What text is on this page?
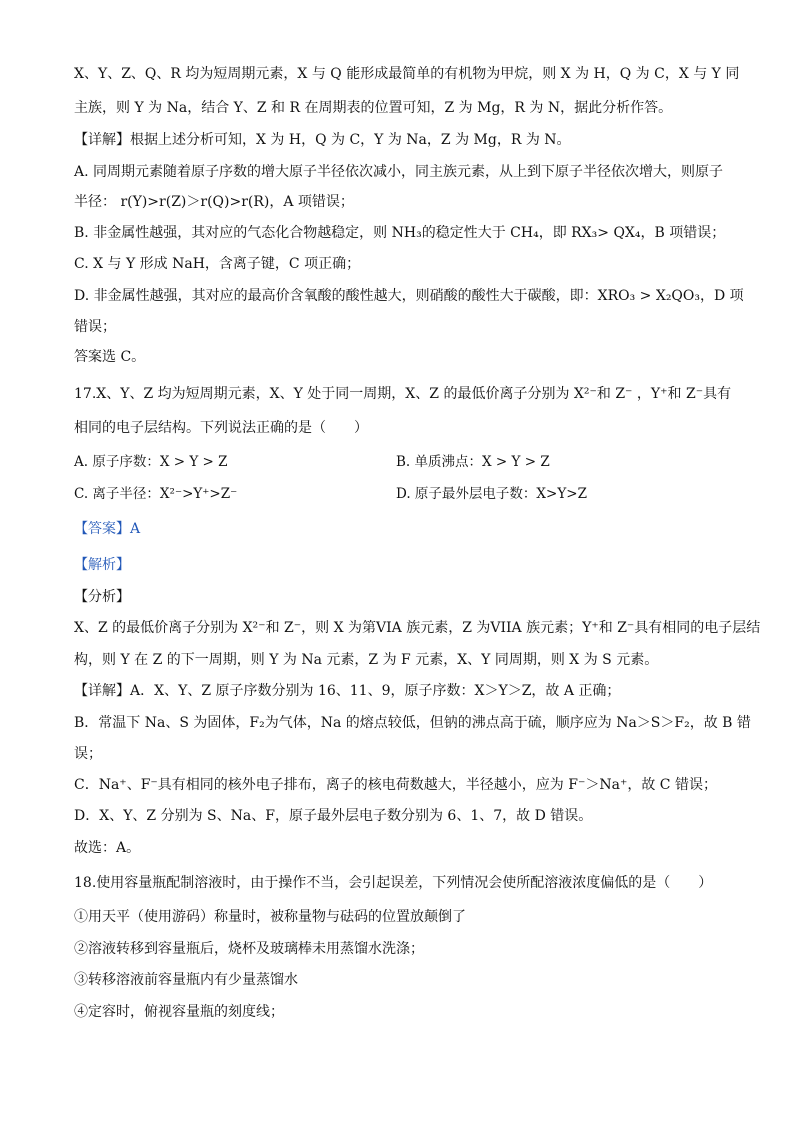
X、Y、Z、Q、R 均为短周期元素，X 与 Q 能形成最简单的有机物为甲烷，则 X 为 H，Q 为 C，X 与 Y 同
主族，则 Y 为 Na，结合 Y、Z 和 R 在周期表的位置可知，Z 为 Mg，R 为 N，据此分析作答。
【详解】根据上述分析可知，X 为 H，Q 为 C，Y 为 Na，Z 为 Mg，R 为 N。
A. 同周期元素随着原子序数的增大原子半径依次减小，同主族元素，从上到下原子半径依次增大，则原子
半径： r(Y)>r(Z)＞r(Q)>r(R)，A 项错误；
B. 非金属性越强，其对应的气态化合物越稳定，则 NH₃的稳定性大于 CH₄，即 RX₃> QX₄，B 项错误；
C. X 与 Y 形成 NaH，含离子键，C 项正确；
D. 非金属性越强，其对应的最高价含氧酸的酸性越大，则硝酸的酸性大于碳酸，即：XRO₃ > X₂QO₃，D 项
错误；
答案选 C。
17.X、Y、Z 均为短周期元素，X、Y 处于同一周期，X、Z 的最低价离子分别为 X²⁻和 Z⁻ ，Y⁺和 Z⁻具有
相同的电子层结构。下列说法正确的是（　　）
A. 原子序数：X > Y > Z	B. 单质沸点：X > Y > Z
C. 离子半径：X²⁻>Y⁺>Z⁻	D. 原子最外层电子数：X>Y>Z
【答案】A
【解析】
【分析】
X、Z 的最低价离子分别为 X²⁻和 Z⁻，则 X 为第VIA 族元素，Z 为VIIA 族元素；Y⁺和 Z⁻具有相同的电子层结
构，则 Y 在 Z 的下一周期，则 Y 为 Na 元素，Z 为 F 元素，X、Y 同周期，则 X 为 S 元素。
【详解】A．X、Y、Z 原子序数分别为 16、11、9，原子序数：X＞Y＞Z，故 A 正确；
B．常温下 Na、S 为固体，F₂为气体，Na 的熔点较低，但钠的沸点高于硫，顺序应为 Na＞S＞F₂，故 B 错
误；
C．Na⁺、F⁻具有相同的核外电子排布，离子的核电荷数越大，半径越小，应为 F⁻＞Na⁺，故 C 错误；
D．X、Y、Z 分别为 S、Na、F，原子最外层电子数分别为 6、1、7，故 D 错误。
故选：A。
18.使用容量瓶配制溶液时，由于操作不当，会引起误差，下列情况会使所配溶液浓度偏低的是（　　）
①用天平（使用游码）称量时，被称量物与砝码的位置放颠倒了
②溶液转移到容量瓶后，烧杯及玻璃棒未用蒸馏水洗涤；
③转移溶液前容量瓶内有少量蒸馏水
④定容时，俯视容量瓶的刻度线；
